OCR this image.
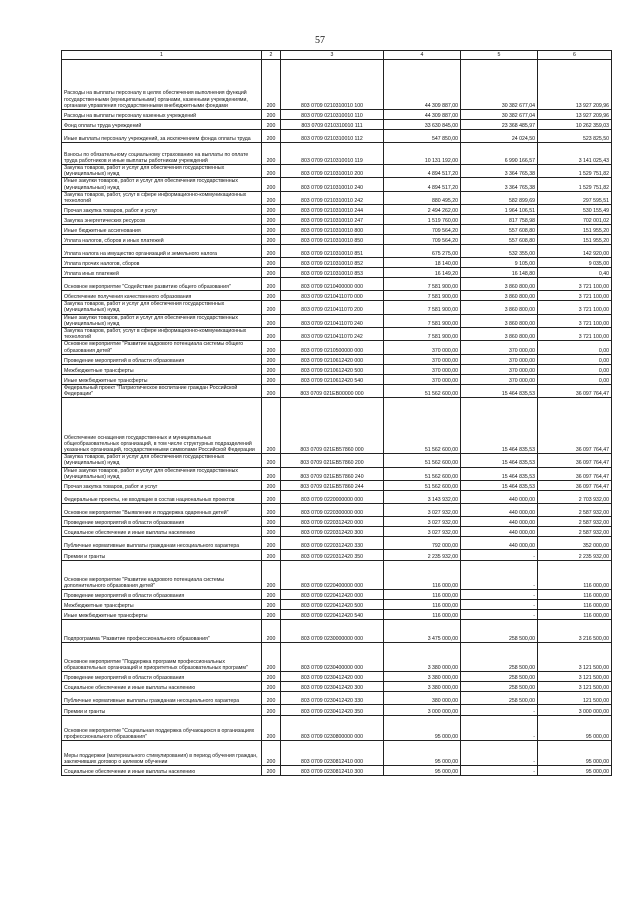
57
1	2	3	4	5	6
Расходы на выплаты персоналу в целях обеспечения выполнения функций государственными (муниципальными) органами, казенными учреждениями, органами управления государственными внебюджетными фондами	200	803 0709 0210310010 100	44 309 887,00	30 382 677,04	13 927 209,96
Расходы на выплаты персоналу казенных учреждений	200	803 0709 0210310010 110	44 309 887,00	30 382 677,04	13 927 209,96
Фонд оплаты труда учреждений	200	803 0709 0210310010 111	33 630 845,00	23 368 485,97	10 262 359,03
Иные выплаты персоналу учреждений, за исключением фонда оплаты труда	200	803 0709 0210310010 112	547 850,00	24 024,50	523 825,50
Взносы по обязательному социальному страхованию на выплаты по оплате труда работников и иные выплаты работникам учреждений	200	803 0709 0210310010 119	10 131 192,00	6 990 166,57	3 141 025,43
Закупка товаров, работ и услуг для обеспечения государственных (муниципальных) нужд	200	803 0709 0210310010 200	4 894 517,20	3 364 765,38	1 529 751,82
Иные закупки товаров, работ и услуг для обеспечения государственных (муниципальных) нужд	200	803 0709 0210310010 240	4 894 517,20	3 364 765,38	1 529 751,82
Закупка товаров, работ, услуг в сфере информационно-коммуникационных технологий	200	803 0709 0210310010 242	880 495,20	582 899,69	297 595,51
Прочая закупка товаров, работ и услуг	200	803 0709 0210310010 244	2 494 262,00	1 964 106,51	530 155,49
Закупка энергетических ресурсов	200	803 0709 0210310010 247	1 519 760,00	817 758,98	702 001,02
Иные бюджетные ассигнования	200	803 0709 0210310010 800	709 564,20	557 608,80	151 955,20
Уплата налогов, сборов и иных платежей	200	803 0709 0210310010 850	709 564,20	557 608,80	151 955,20
Уплата налога на имущество организаций и земельного налога	200	803 0709 0210310010 851	675 275,00	532 355,00	142 920,00
Уплата прочих налогов, сборов	200	803 0709 0210310010 852	18 140,00	9 105,00	9 035,00
Уплата иных платежей	200	803 0709 0210310010 853	16 149,20	16 148,80	0,40
Основное мероприятие "Содействие развитию общего образования"	200	803 0709 0210400000 000	7 581 900,00	3 860 800,00	3 721 100,00
Обеспечение получения качественного образования	200	803 0709 0210411070 000	7 581 900,00	3 860 800,00	3 721 100,00
Закупка товаров, работ и услуг для обеспечения государственных (муниципальных) нужд	200	803 0709 0210411070 200	7 581 900,00	3 860 800,00	3 721 100,00
Иные закупки товаров, работ и услуг для обеспечения государственных (муниципальных) нужд	200	803 0709 0210411070 240	7 581 900,00	3 860 800,00	3 721 100,00
Закупка товаров, работ, услуг в сфере информационно-коммуникационных технологий	200	803 0709 0210411070 242	7 581 900,00	3 860 800,00	3 721 100,00
Основное мероприятие "Развитие кадрового потенциала системы общего образования детей"	200	803 0709 0210500000 000	370 000,00	370 000,00	0,00
Проведение мероприятий в области образования	200	803 0709 0210612420 000	370 000,00	370 000,00	0,00
Межбюджетные трансферты	200	803 0709 0210612420 500	370 000,00	370 000,00	0,00
Иные межбюджетные трансферты	200	803 0709 0210612420 540	370 000,00	370 000,00	0,00
Федеральный проект "Патриотическое воспитание граждан Российской Федерации"	200	803 0709 021EB00000 000	51 562 600,00	15 464 835,53	36 097 764,47
Обеспечение оснащения государственных и муниципальных общеобразовательных организаций, в том числе структурных подразделений указанных организаций, государственными символами Российской Федерации	200	803 0709 021EB57860 000	51 562 600,00	15 464 835,53	36 097 764,47
Закупка товаров, работ и услуг для обеспечения государственных (муниципальных) нужд	200	803 0709 021EB57860 200	51 562 600,00	15 464 835,53	36 097 764,47
Иные закупки товаров, работ и услуг для обеспечения государственных (муниципальных) нужд	200	803 0709 021EB57860 240	51 562 600,00	15 464 835,53	36 097 764,47
Прочая закупка товаров, работ и услуг	200	803 0709 021EB57860 244	51 562 600,00	15 464 835,53	36 097 764,47
Федеральные проекты, не входящие в состав национальных проектов	200	803 0709 0220000000 000	3 143 932,00	440 000,00	2 703 932,00
Основное мероприятие "Выявление и поддержка одаренных детей"	200	803 0709 0220300000 000	3 027 932,00	440 000,00	2 587 932,00
Проведение мероприятий в области образования	200	803 0709 0220312420 000	3 027 932,00	440 000,00	2 587 932,00
Социальное обеспечение и иные выплаты населению	200	803 0709 0220312420 300	3 027 932,00	440 000,00	2 587 932,00
Публичные нормативные выплаты гражданам несоциального характера	200	803 0709 0220312420 330	792 000,00	440 000,00	352 000,00
Премии и гранты	200	803 0709 0220312420 350	2 235 932,00	-	2 235 932,00
Основное мероприятие "Развитие кадрового потенциала системы дополнительного образования детей"	200	803 0709 0220400000 000	116 000,00	-	116 000,00
Проведение мероприятий в области образования	200	803 0709 0220412420 000	116 000,00	-	116 000,00
Межбюджетные трансферты	200	803 0709 0220412420 500	116 000,00	-	116 000,00
Иные межбюджетные трансферты	200	803 0709 0220412420 540	116 000,00	-	116 000,00
Подпрограмма "Развитие профессионального образования"	200	803 0709 0230000000 000	3 475 000,00	258 500,00	3 216 500,00
Основное мероприятие "Поддержка программ профессиональных образовательных организаций и приоритетных образовательных программ"	200	803 0709 0230400000 000	3 380 000,00	258 500,00	3 121 500,00
Проведение мероприятий в области образования	200	803 0709 0230412420 000	3 380 000,00	258 500,00	3 121 500,00
Социальное обеспечение и иные выплаты населению	200	803 0709 0230412420 300	3 380 000,00	258 500,00	3 121 500,00
Публичные нормативные выплаты гражданам несоциального характера	200	803 0709 0230412420 330	380 000,00	258 500,00	121 500,00
Премии и гранты	200	803 0709 0230412420 350	3 000 000,00	-	3 000 000,00
Основное мероприятие "Социальная поддержка обучающихся в организациях профессионального образования"	200	803 0709 0230800000 000	95 000,00	-	95 000,00
Меры поддержки (материального стимулирования) в период обучения граждан, заключивших договор о целевом обучении	200	803 0709 0230812410 000	95 000,00	-	95 000,00
Социальное обеспечение и иные выплаты населению	200	803 0709 0230812410 300	95 000,00	-	95 000,00
